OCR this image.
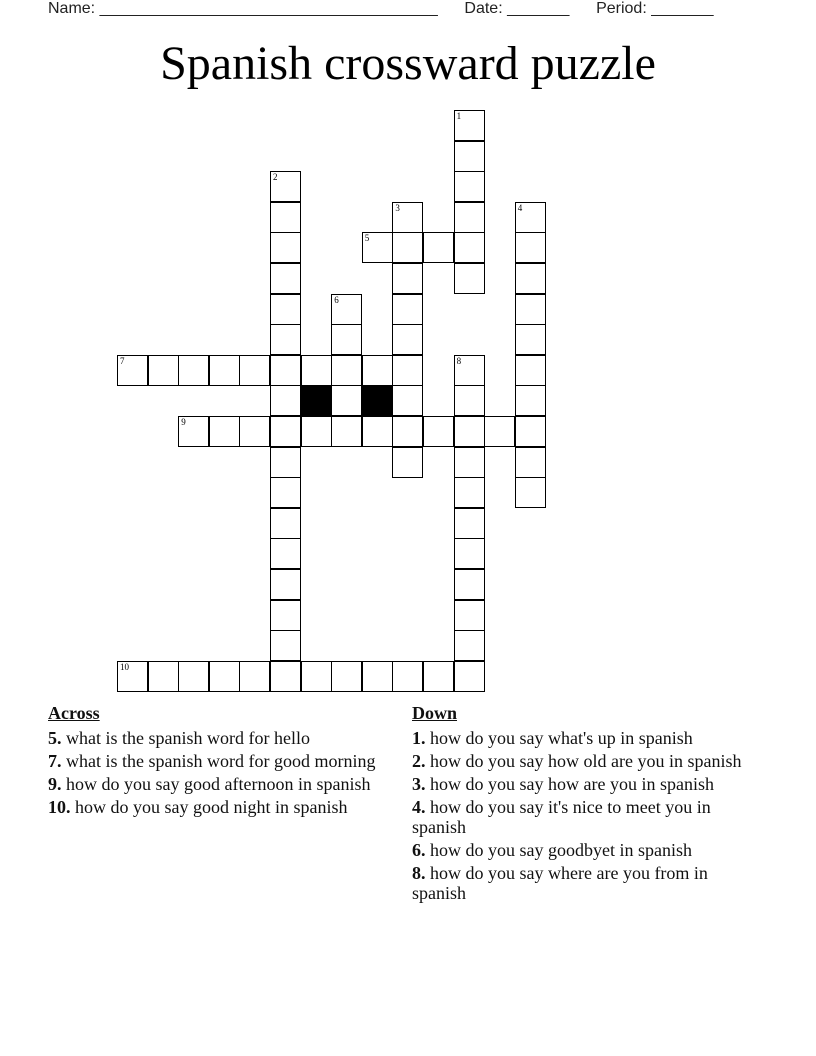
Name: ______________________________________ Date: _______ Period: _______
Spanish crossward puzzle
1
2
3	4
5
6
7	8
9
10
Across
5. what is the spanish word for hello
7. what is the spanish word for good morning
9. how do you say good afternoon in spanish
10. how do you say good night in spanish
Down
1. how do you say what's up in spanish
2. how do you say how old are you in spanish
3. how do you say how are you in spanish
4. how do you say it's nice to meet you in spanish
6. how do you say goodbyet in spanish
8. how do you say where are you from in spanish
